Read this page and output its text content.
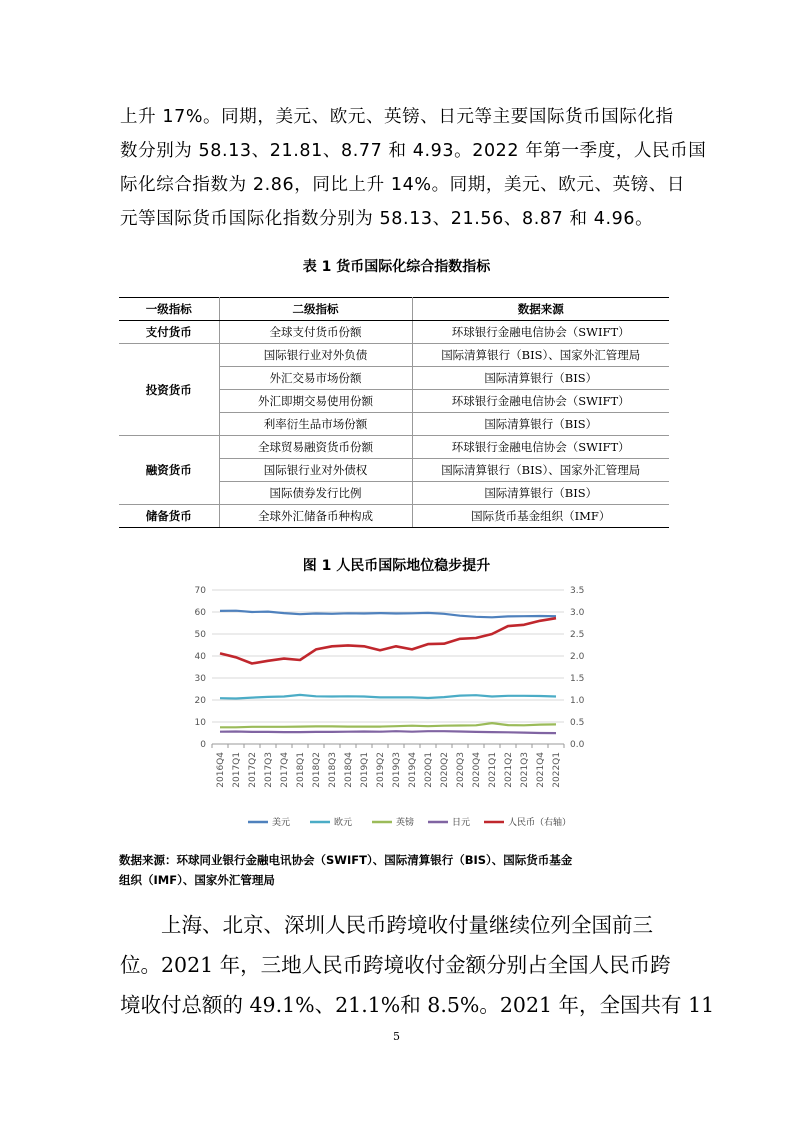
上升 17%。同期，美元、欧元、英镑、日元等主要国际货币国际化指
数分别为 58.13、21.81、8.77 和 4.93。2022 年第一季度，人民币国
际化综合指数为 2.86，同比上升 14%。同期，美元、欧元、英镑、日
元等国际货币国际化指数分别为 58.13、21.56、8.87 和 4.96。
表 1 货币国际化综合指数指标
一级指标	二级指标	数据来源
支付货币	全球支付货币份额	环球银行金融电信协会（SWIFT）
投资货币	国际银行业对外负债	国际清算银行（BIS）、国家外汇管理局
	外汇交易市场份额	国际清算银行（BIS）
	外汇即期交易使用份额	环球银行金融电信协会（SWIFT）
	利率衍生品市场份额	国际清算银行（BIS）
融资货币	全球贸易融资货币份额	环球银行金融电信协会（SWIFT）
	国际银行业对外债权	国际清算银行（BIS）、国家外汇管理局
	国际债券发行比例	国际清算银行（BIS）
储备货币	全球外汇储备币种构成	国际货币基金组织（IMF）
图 1 人民币国际地位稳步提升
0
10
20
30
40
50
60
70
0.0
0.5
1.0
1.5
2.0
2.5
3.0
3.5
2016Q4 2017Q1 2017Q2 2017Q3 2017Q4 2018Q1 2018Q2 2018Q3 2018Q4 2019Q1 2019Q2 2019Q3 2019Q4 2020Q1 2020Q2 2020Q3 2020Q4 2021Q1 2021Q2 2021Q3 2021Q4 2022Q1
美元	欧元	英镑	日元	人民币（右轴）
数据来源：环球同业银行金融电讯协会（SWIFT）、国际清算银行（BIS）、国际货币基金
组织（IMF）、国家外汇管理局
上海、北京、深圳人民币跨境收付量继续位列全国前三
位。2021 年，三地人民币跨境收付金额分别占全国人民币跨
境收付总额的 49.1%、21.1%和 8.5%。2021 年，全国共有 11
5
